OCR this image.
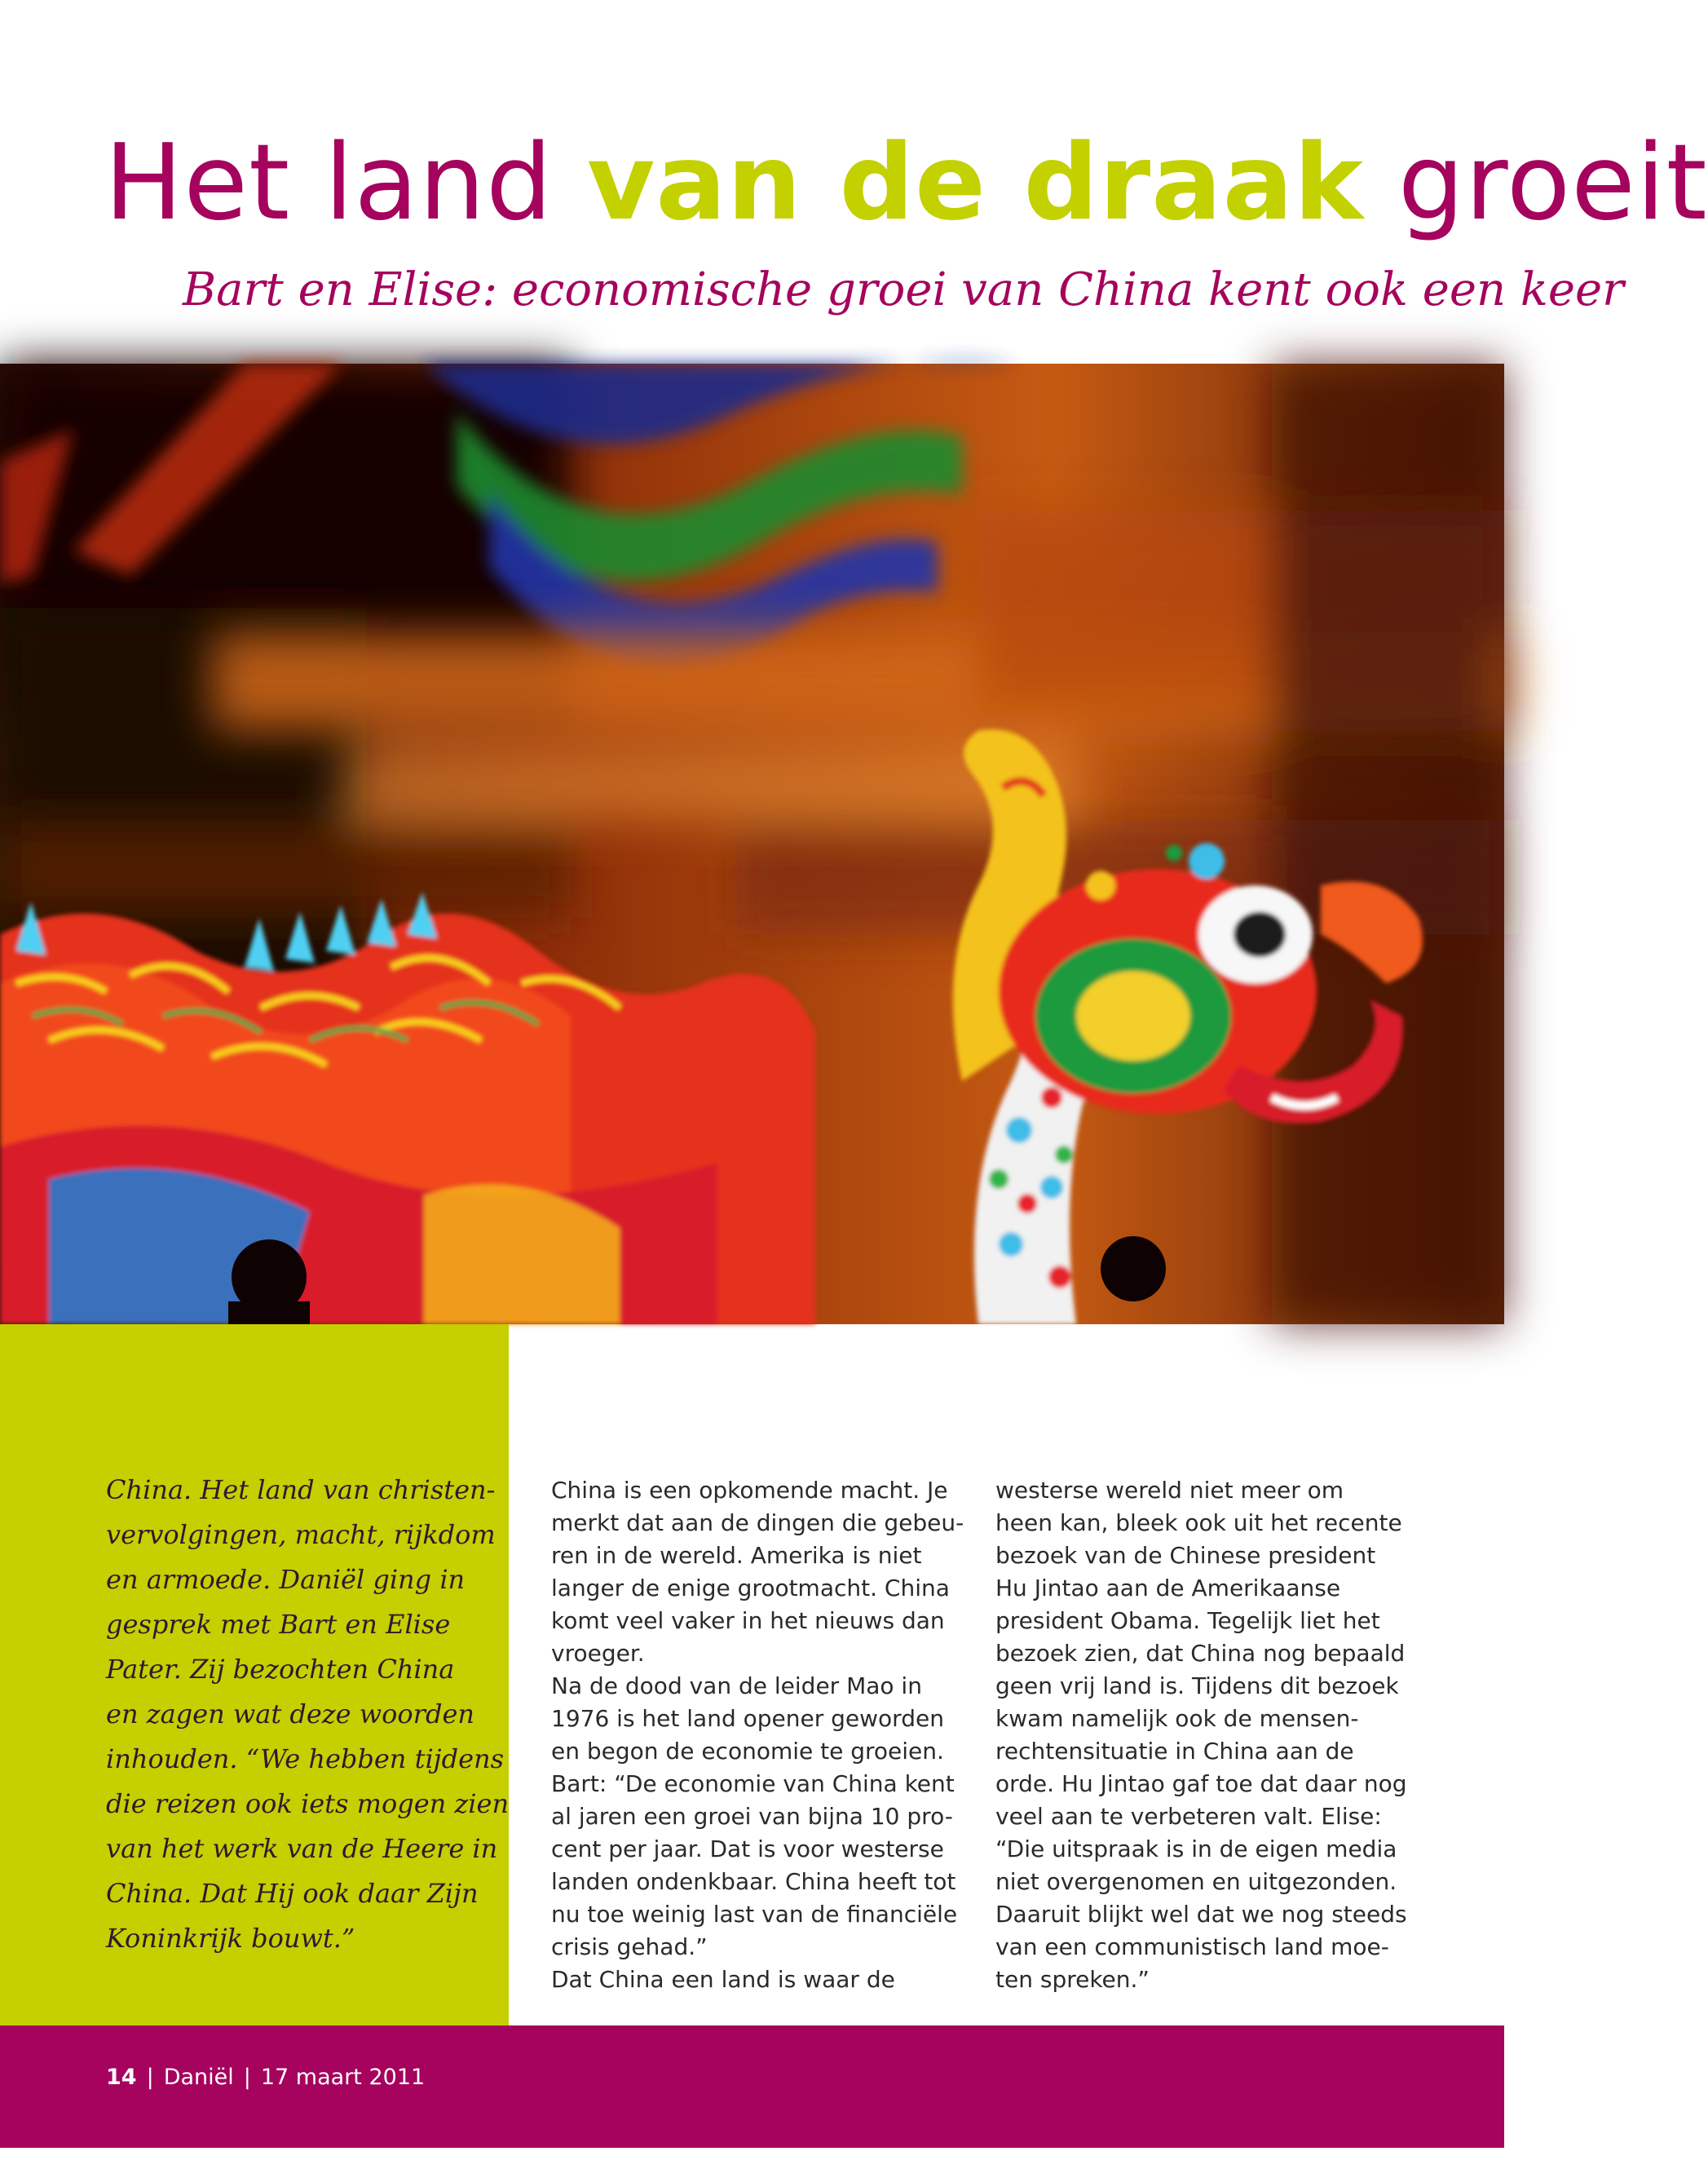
Het land van de draak groeit
Bart en Elise: economische groei van China kent ook een keer
China. Het land van christen-
vervolgingen, macht, rijkdom
en armoede. Daniël ging in
gesprek met Bart en Elise
Pater. Zij bezochten China
en zagen wat deze woorden
inhouden. “We hebben tijdens
die reizen ook iets mogen zien
van het werk van de Heere in
China. Dat Hij ook daar Zijn
Koninkrijk bouwt.”
China is een opkomende macht. Je
merkt dat aan de dingen die gebeu-
ren in de wereld. Amerika is niet
langer de enige grootmacht. China
komt veel vaker in het nieuws dan
vroeger.
Na de dood van de leider Mao in
1976 is het land opener geworden
en begon de economie te groeien.
Bart: “De economie van China kent
al jaren een groei van bijna 10 pro-
cent per jaar. Dat is voor westerse
landen ondenkbaar. China heeft tot
nu toe weinig last van de financiële
crisis gehad.”
Dat China een land is waar de
westerse wereld niet meer om
heen kan, bleek ook uit het recente
bezoek van de Chinese president
Hu Jintao aan de Amerikaanse
president Obama. Tegelijk liet het
bezoek zien, dat China nog bepaald
geen vrij land is. Tijdens dit bezoek
kwam namelijk ook de mensen-
rechtensituatie in China aan de
orde. Hu Jintao gaf toe dat daar nog
veel aan te verbeteren valt. Elise:
“Die uitspraak is in de eigen media
niet overgenomen en uitgezonden.
Daaruit blijkt wel dat we nog steeds
van een communistisch land moe-
ten spreken.”
14 | Daniël | 17 maart 2011
